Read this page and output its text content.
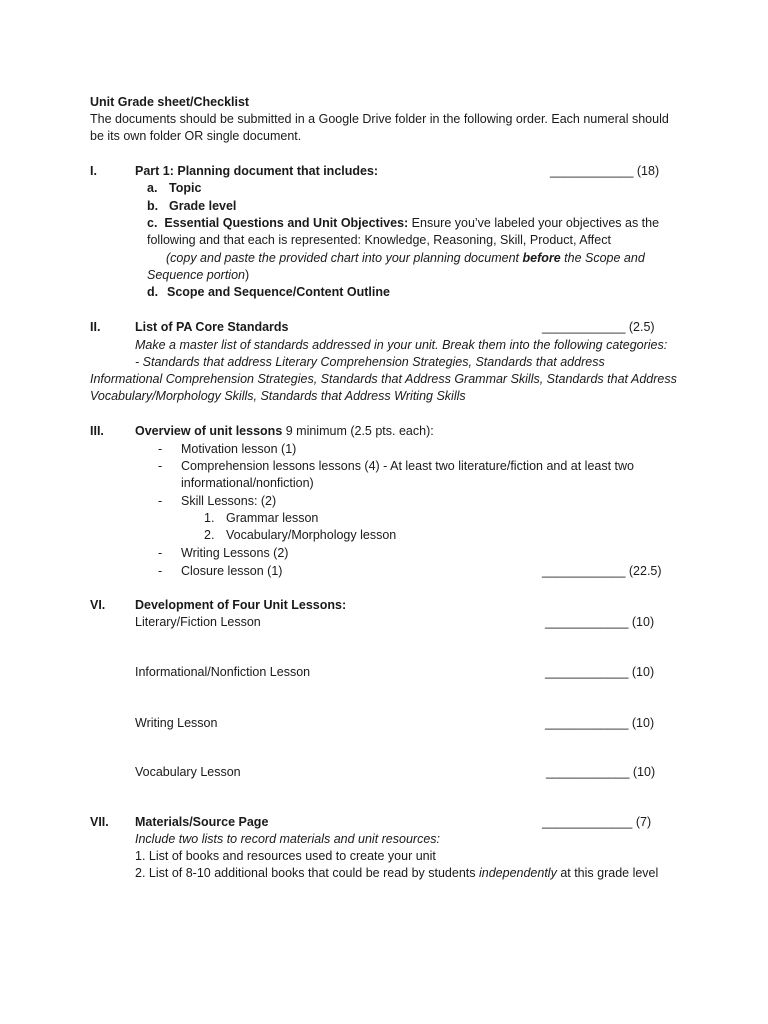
Unit Grade sheet/Checklist
The documents should be submitted in a Google Drive folder in the following order. Each numeral should
be its own folder OR single document.
I.	Part 1: Planning document that includes:	____________ (18)
a. Topic
b. Grade level
c. Essential Questions and Unit Objectives: Ensure you’ve labeled your objectives as the
following and that each is represented: Knowledge, Reasoning, Skill, Product, Affect
(copy and paste the provided chart into your planning document before the Scope and
Sequence portion)
d. Scope and Sequence/Content Outline
II.	List of PA Core Standards	____________ (2.5)
Make a master list of standards addressed in your unit. Break them into the following categories:
- Standards that address Literary Comprehension Strategies, Standards that address
Informational Comprehension Strategies, Standards that Address Grammar Skills, Standards that Address
Vocabulary/Morphology Skills, Standards that Address Writing Skills
III. Overview of unit lessons 9 minimum (2.5 pts. each):
- Motivation lesson (1)
- Comprehension lessons lessons (4) - At least two literature/fiction and at least two
informational/nonfiction)
- Skill Lessons: (2)
1. Grammar lesson
2. Vocabulary/Morphology lesson
- Writing Lessons (2)
- Closure lesson (1)	____________ (22.5)
VI. Development of Four Unit Lessons:
Literary/Fiction Lesson	____________ (10)
Informational/Nonfiction Lesson	____________ (10)
Writing Lesson	____________ (10)
Vocabulary Lesson	____________ (10)
VII. Materials/Source Page	_____________ (7)
Include two lists to record materials and unit resources:
1. List of books and resources used to create your unit
2. List of 8-10 additional books that could be read by students independently at this grade level
